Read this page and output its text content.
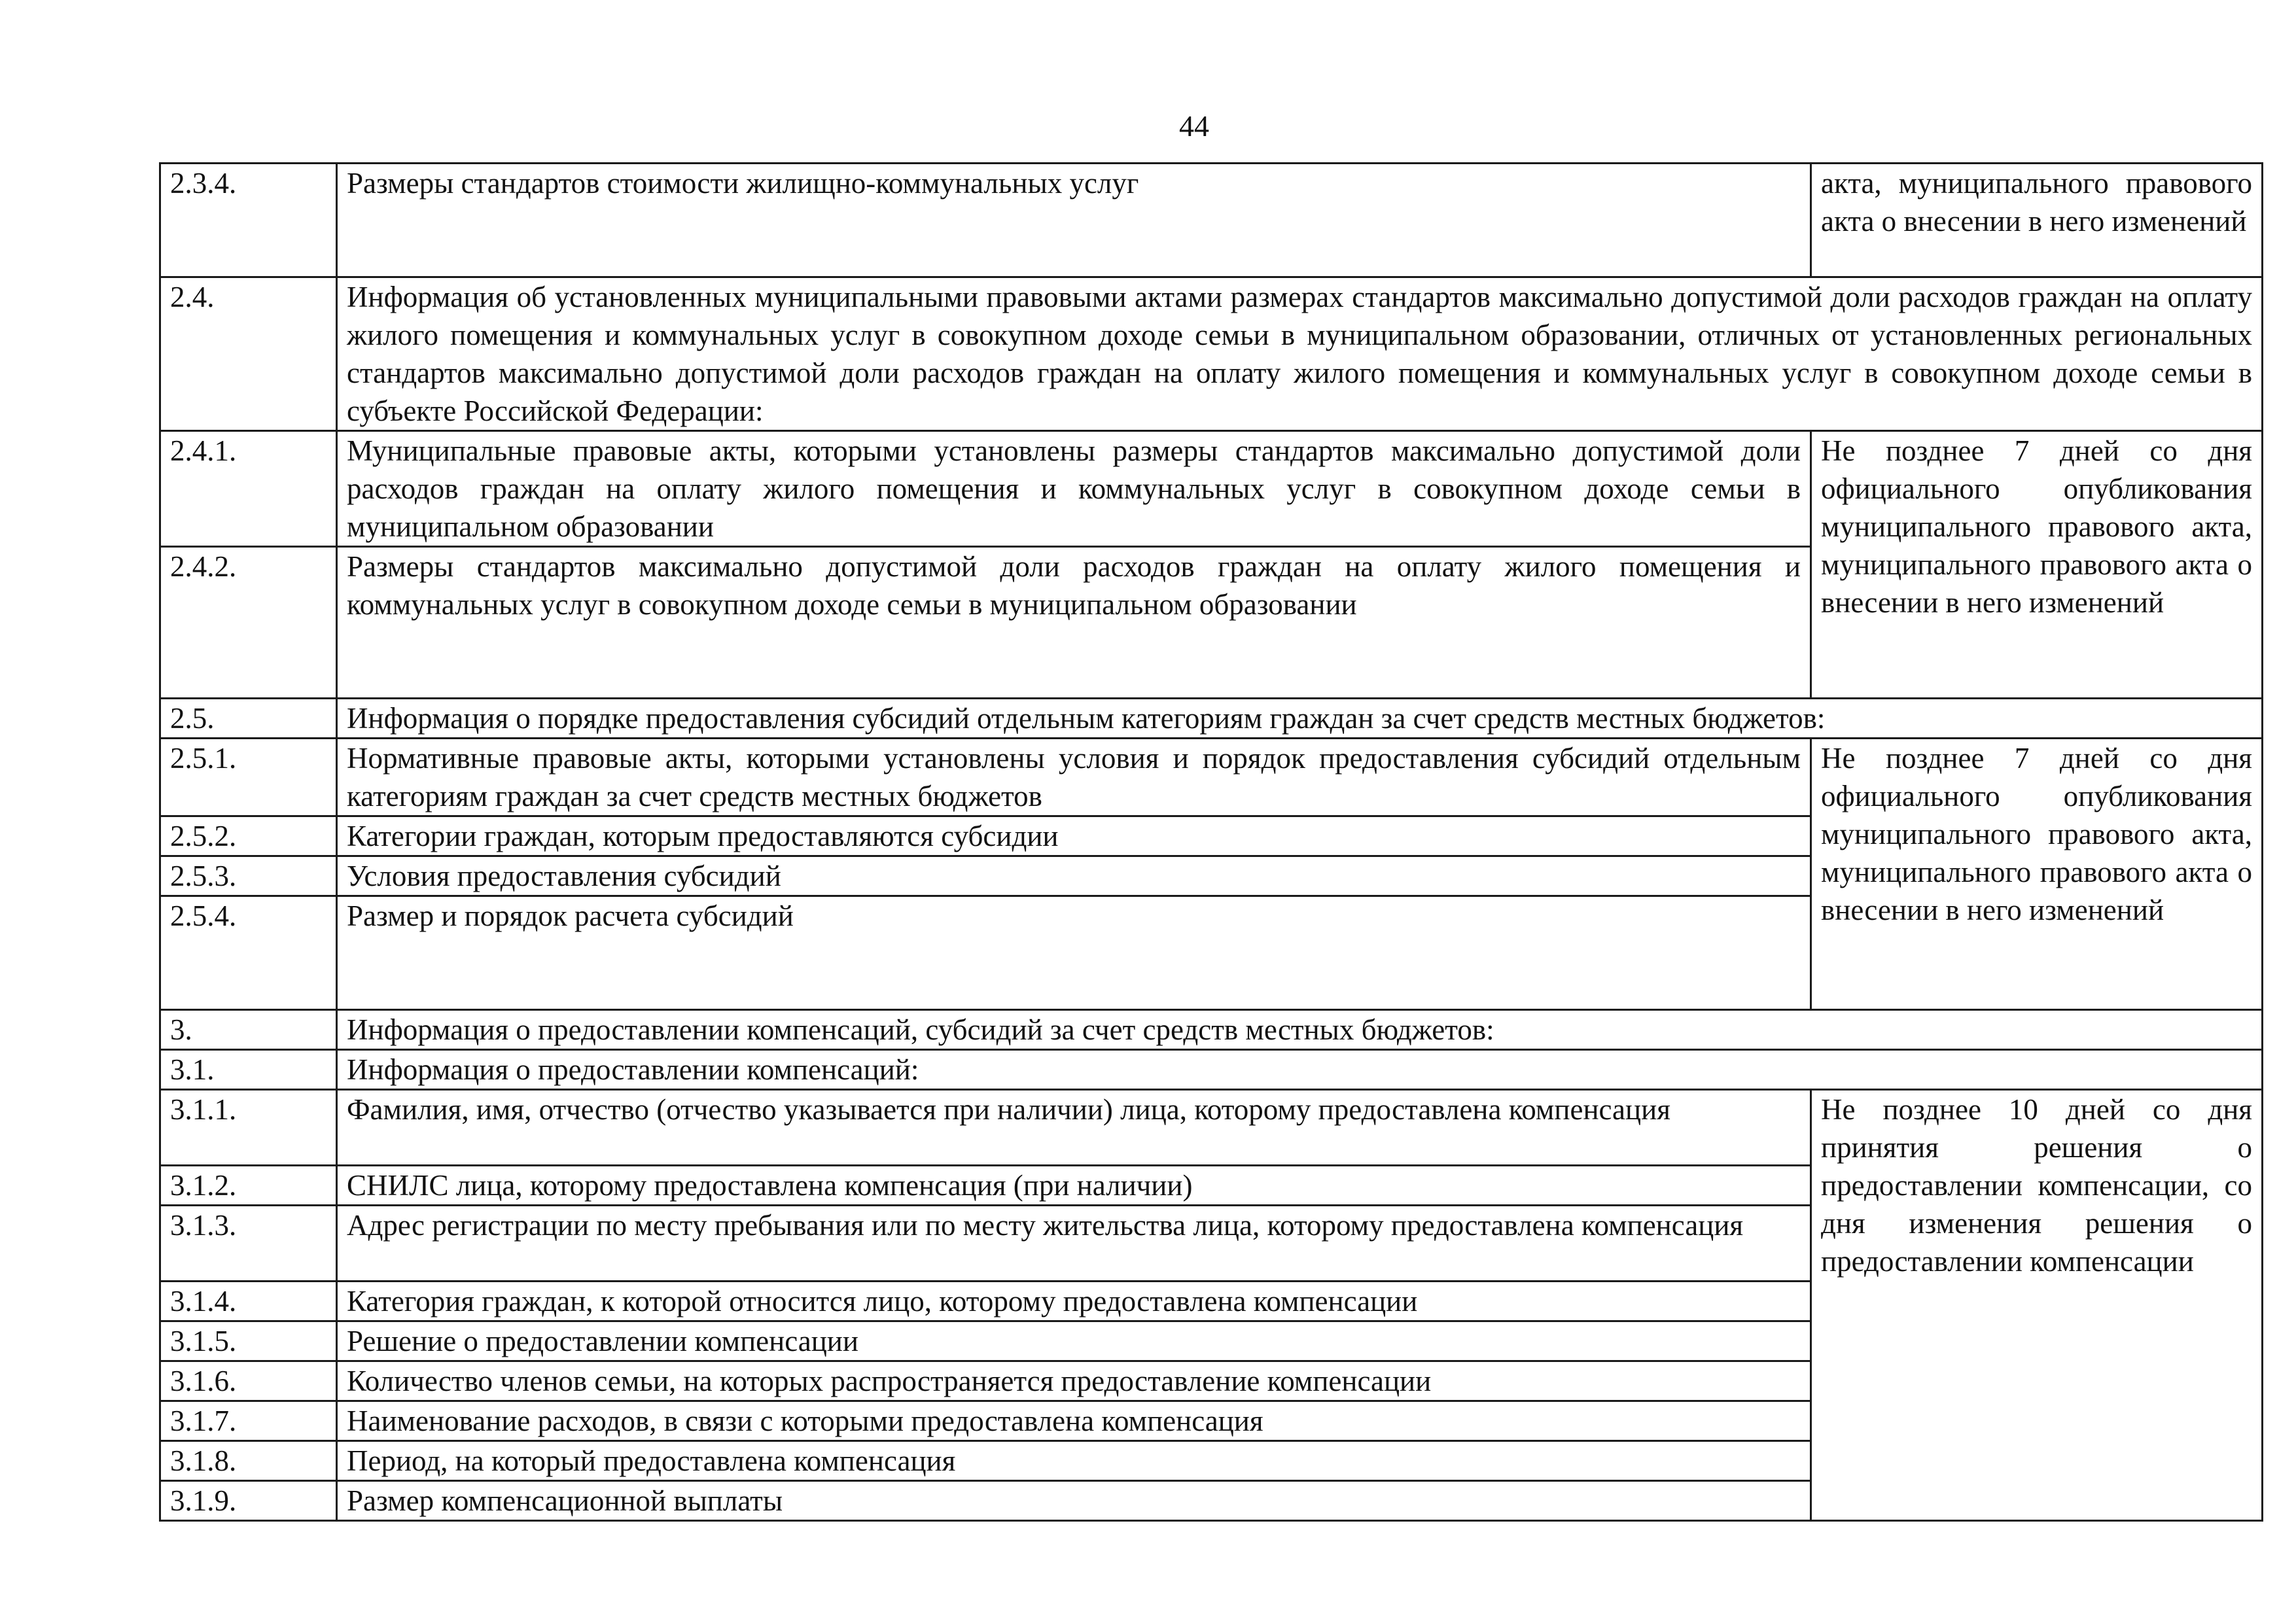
44
2.3.4.	Размеры стандартов стоимости жилищно-коммунальных услуг	акта, муниципального правового акта о внесении в него изменений
2.4.	Информация об установленных муниципальными правовыми актами размерах стандартов максимально допустимой доли расходов граждан на оплату жилого помещения и коммунальных услуг в совокупном доходе семьи в муниципальном образовании, отличных от установленных региональных стандартов максимально допустимой доли расходов граждан на оплату жилого помещения и коммунальных услуг в совокупном доходе семьи в субъекте Российской Федерации:	
2.4.1.	Муниципальные правовые акты, которыми установлены размеры стандартов максимально допустимой доли расходов граждан на оплату жилого помещения и коммунальных услуг в совокупном доходе семьи в муниципальном образовании	Не позднее 7 дней со дня официального опубликования муниципального правового акта, муниципального правового акта о внесении в него изменений
2.4.2.	Размеры стандартов максимально допустимой доли расходов граждан на оплату жилого помещения и коммунальных услуг в совокупном доходе семьи в муниципальном образовании	
2.5.	Информация о порядке предоставления субсидий отдельным категориям граждан за счет средств местных бюджетов:	
2.5.1.	Нормативные правовые акты, которыми установлены условия и порядок предоставления субсидий отдельным категориям граждан за счет средств местных бюджетов	Не позднее 7 дней со дня официального опубликования муниципального правового акта, муниципального правового акта о внесении в него изменений
2.5.2.	Категории граждан, которым предоставляются субсидии	
2.5.3.	Условия предоставления субсидий	
2.5.4.	Размер и порядок расчета субсидий	
3.	Информация о предоставлении компенсаций, субсидий за счет средств местных бюджетов:	
3.1.	Информация о предоставлении компенсаций:	
3.1.1.	Фамилия, имя, отчество (отчество указывается при наличии) лица, которому предоставлена компенсация	Не позднее 10 дней со дня принятия решения о предоставлении компенсации, со дня изменения решения о предоставлении компенсации
3.1.2.	СНИЛС лица, которому предоставлена компенсация (при наличии)	
3.1.3.	Адрес регистрации по месту пребывания или по месту жительства лица, которому предоставлена компенсация	
3.1.4.	Категория граждан, к которой относится лицо, которому предоставлена компенсации	
3.1.5.	Решение о предоставлении компенсации	
3.1.6.	Количество членов семьи, на которых распространяется предоставление компенсации	
3.1.7.	Наименование расходов, в связи с которыми предоставлена компенсация	
3.1.8.	Период, на который предоставлена компенсация	
3.1.9.	Размер компенсационной выплаты	
